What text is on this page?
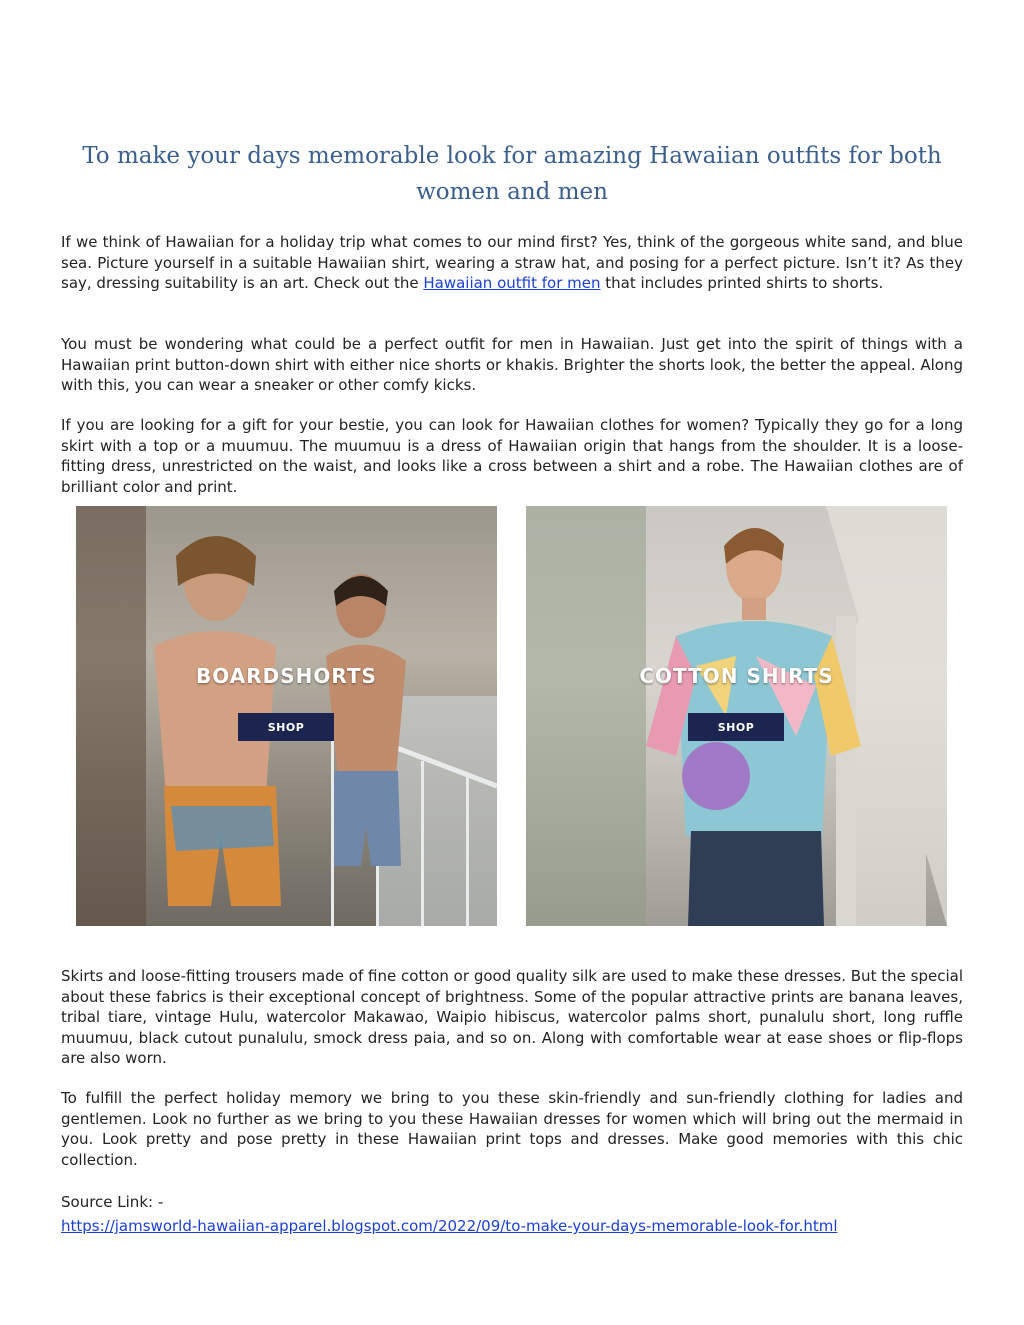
To make your days memorable look for amazing Hawaiian outfits for both women and men

If we think of Hawaiian for a holiday trip what comes to our mind first? Yes, think of the gorgeous white sand, and blue sea. Picture yourself in a suitable Hawaiian shirt, wearing a straw hat, and posing for a perfect picture. Isn’t it? As they say, dressing suitability is an art. Check out the Hawaiian outfit for men that includes printed shirts to shorts.

You must be wondering what could be a perfect outfit for men in Hawaiian. Just get into the spirit of things with a Hawaiian print button-down shirt with either nice shorts or khakis. Brighter the shorts look, the better the appeal. Along with this, you can wear a sneaker or other comfy kicks.

If you are looking for a gift for your bestie, you can look for Hawaiian clothes for women? Typically they go for a long skirt with a top or a muumuu. The muumuu is a dress of Hawaiian origin that hangs from the shoulder. It is a loose-fitting dress, unrestricted on the waist, and looks like a cross between a shirt and a robe. The Hawaiian clothes are of brilliant color and print.

BOARDSHORTS
SHOP
COTTON SHIRTS
SHOP

Skirts and loose-fitting trousers made of fine cotton or good quality silk are used to make these dresses. But the special about these fabrics is their exceptional concept of brightness. Some of the popular attractive prints are banana leaves, tribal tiare, vintage Hulu, watercolor Makawao, Waipio hibiscus, watercolor palms short, punalulu short, long ruffle muumuu, black cutout punalulu, smock dress paia, and so on. Along with comfortable wear at ease shoes or flip-flops are also worn.

To fulfill the perfect holiday memory we bring to you these skin-friendly and sun-friendly clothing for ladies and gentlemen. Look no further as we bring to you these Hawaiian dresses for women which will bring out the mermaid in you. Look pretty and pose pretty in these Hawaiian print tops and dresses. Make good memories with this chic collection.

Source Link: -

https://jamsworld-hawaiian-apparel.blogspot.com/2022/09/to-make-your-days-memorable-look-for.html
